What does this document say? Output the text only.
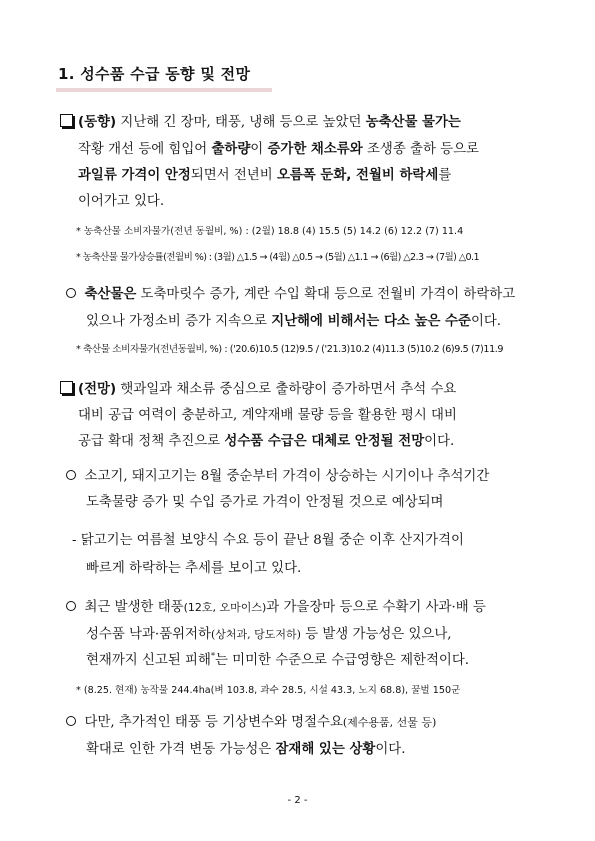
1. 성수품 수급 동향 및 전망
(동향) 지난해 긴 장마, 태풍, 냉해 등으로 높았던 농축산물 물가는
작황 개선 등에 힘입어 출하량이 증가한 채소류와 조생종 출하 등으로
과일류 가격이 안정되면서 전년비 오름폭 둔화, 전월비 하락세를
이어가고 있다.
* 농축산물 소비자물가(전년 동월비, %) : (2월) 18.8 (4) 15.5 (5) 14.2 (6) 12.2 (7) 11.4
* 농축산물 물가상승률(전월비 %) : (3월) △1.5 → (4월) △0.5 → (5월) △1.1 → (6월) △2.3 → (7월) △0.1
축산물은 도축마릿수 증가, 계란 수입 확대 등으로 전월비 가격이 하락하고
있으나 가정소비 증가 지속으로 지난해에 비해서는 다소 높은 수준이다.
* 축산물 소비자물가(전년동월비, %) : ('20.6)10.5 (12)9.5 / ('21.3)10.2 (4)11.3 (5)10.2 (6)9.5 (7)11.9
(전망) 햇과일과 채소류 중심으로 출하량이 증가하면서 추석 수요
대비 공급 여력이 충분하고, 계약재배 물량 등을 활용한 평시 대비
공급 확대 정책 추진으로 성수품 수급은 대체로 안정될 전망이다.
소고기, 돼지고기는 8월 중순부터 가격이 상승하는 시기이나 추석기간
도축물량 증가 및 수입 증가로 가격이 안정될 것으로 예상되며
- 닭고기는 여름철 보양식 수요 등이 끝난 8월 중순 이후 산지가격이
빠르게 하락하는 추세를 보이고 있다.
최근 발생한 태풍(12호, 오마이스)과 가을장마 등으로 수확기 사과·배 등
성수품 낙과·품위저하(상처과, 당도저하) 등 발생 가능성은 있으나,
현재까지 신고된 피해*는 미미한 수준으로 수급영향은 제한적이다.
* (8.25. 현재) 농작물 244.4ha(벼 103.8, 과수 28.5, 시설 43.3, 노지 68.8), 꿀벌 150군
다만, 추가적인 태풍 등 기상변수와 명절수요(제수용품, 선물 등)
확대로 인한 가격 변동 가능성은 잠재해 있는 상황이다.
- 2 -
